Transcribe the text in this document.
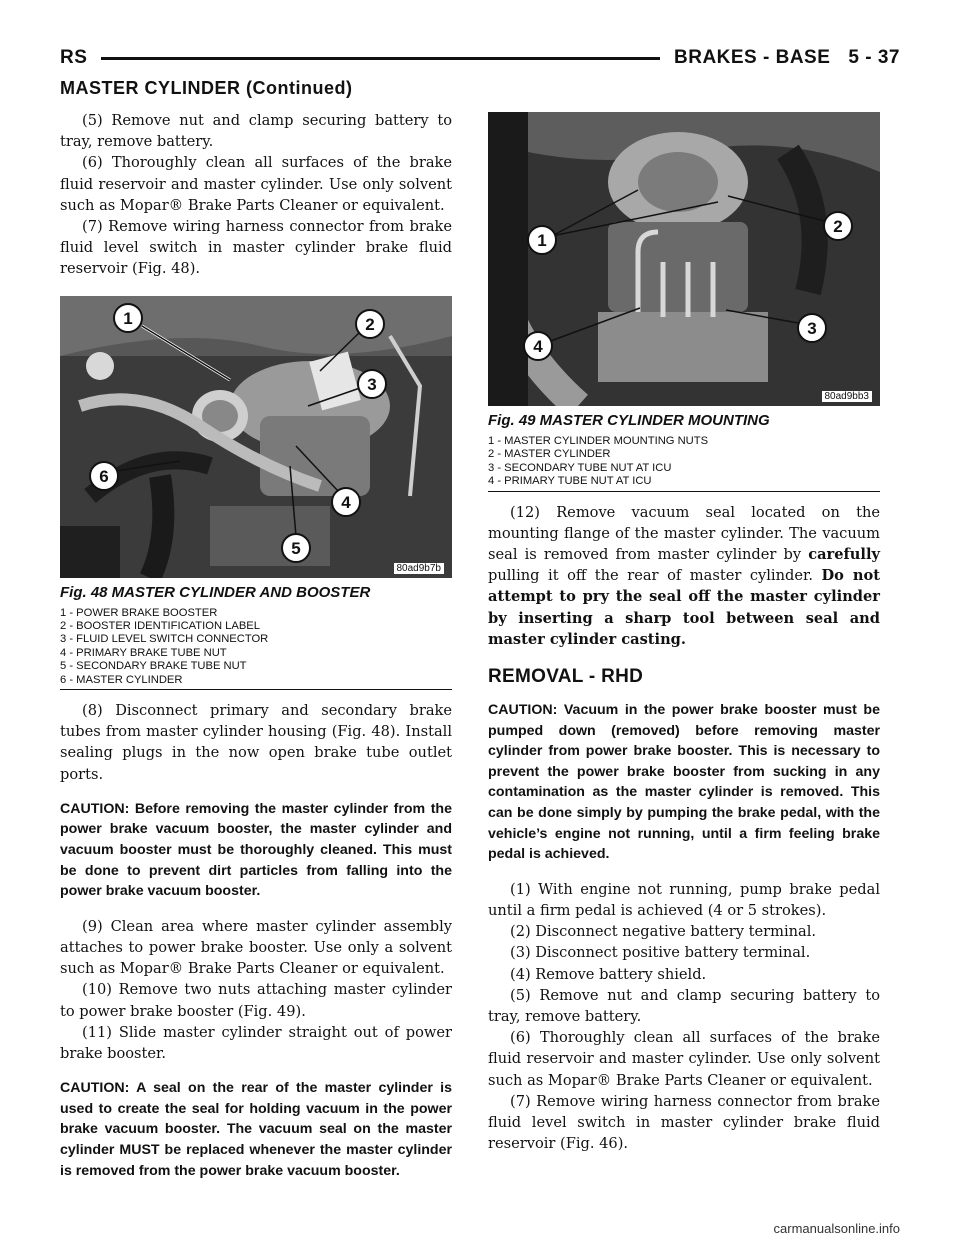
RS	BRAKES - BASE 5 - 37
MASTER CYLINDER (Continued)

(5) Remove nut and clamp securing battery to tray, remove battery.

(6) Thoroughly clean all surfaces of the brake fluid reservoir and master cylinder. Use only solvent such as Mopar® Brake Parts Cleaner or equivalent.

(7) Remove wiring harness connector from brake fluid level switch in master cylinder brake fluid reservoir (Fig. 48).

1	2
3
4
5
6
80ad9b7b
Fig. 48 MASTER CYLINDER AND BOOSTER
1 - POWER BRAKE BOOSTER
2 - BOOSTER IDENTIFICATION LABEL
3 - FLUID LEVEL SWITCH CONNECTOR
4 - PRIMARY BRAKE TUBE NUT
5 - SECONDARY BRAKE TUBE NUT
6 - MASTER CYLINDER

(8) Disconnect primary and secondary brake tubes from master cylinder housing (Fig. 48). Install sealing plugs in the now open brake tube outlet ports.

CAUTION: Before removing the master cylinder from the power brake vacuum booster, the master cylinder and vacuum booster must be thoroughly cleaned. This must be done to prevent dirt particles from falling into the power brake vacuum booster.

(9) Clean area where master cylinder assembly attaches to power brake booster. Use only a solvent such as Mopar® Brake Parts Cleaner or equivalent.

(10) Remove two nuts attaching master cylinder to power brake booster (Fig. 49).

(11) Slide master cylinder straight out of power brake booster.

CAUTION: A seal on the rear of the master cylinder is used to create the seal for holding vacuum in the power brake vacuum booster. The vacuum seal on the master cylinder MUST be replaced whenever the master cylinder is removed from the power brake vacuum booster.
1
2
3
4
80ad9bb3
Fig. 49 MASTER CYLINDER MOUNTING
1 - MASTER CYLINDER MOUNTING NUTS
2 - MASTER CYLINDER
3 - SECONDARY TUBE NUT AT ICU
4 - PRIMARY TUBE NUT AT ICU

(12) Remove vacuum seal located on the mounting flange of the master cylinder. The vacuum seal is removed from master cylinder by carefully pulling it off the rear of master cylinder. Do not attempt to pry the seal off the master cylinder by inserting a sharp tool between seal and master cylinder casting.

REMOVAL - RHD
CAUTION: Vacuum in the power brake booster must be pumped down (removed) before removing master cylinder from power brake booster. This is necessary to prevent the power brake booster from sucking in any contamination as the master cylinder is removed. This can be done simply by pumping the brake pedal, with the vehicle’s engine not running, until a firm feeling brake pedal is achieved.

(1) With engine not running, pump brake pedal until a firm pedal is achieved (4 or 5 strokes).

(2) Disconnect negative battery terminal.

(3) Disconnect positive battery terminal.

(4) Remove battery shield.

(5) Remove nut and clamp securing battery to tray, remove battery.

(6) Thoroughly clean all surfaces of the brake fluid reservoir and master cylinder. Use only solvent such as Mopar® Brake Parts Cleaner or equivalent.

(7) Remove wiring harness connector from brake fluid level switch in master cylinder brake fluid reservoir (Fig. 46).

carmanualsonline.info
